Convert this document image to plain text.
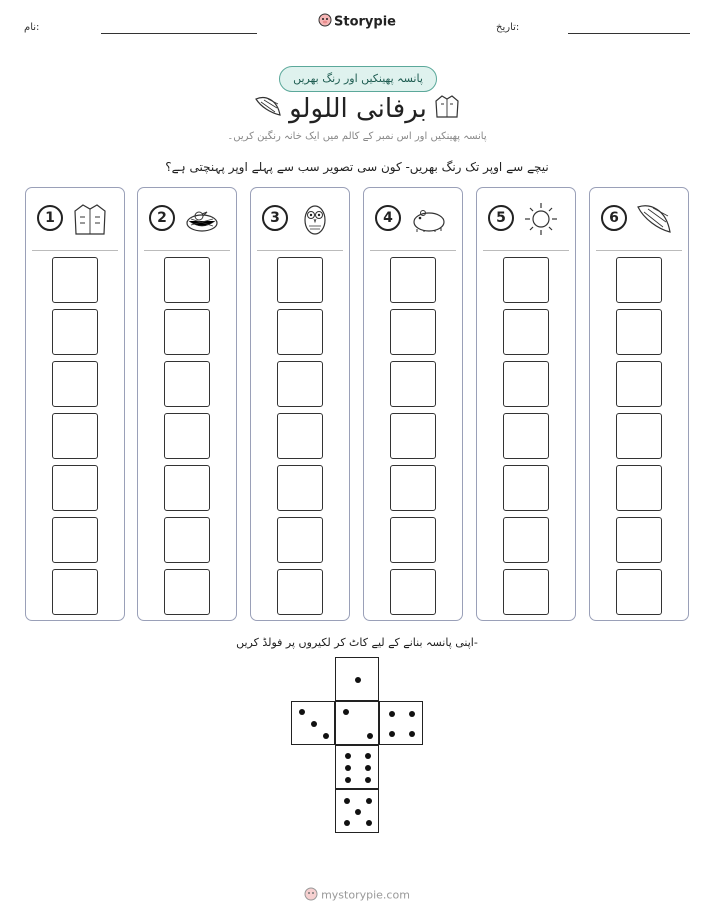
نام:	Storypie	تاریخ:
پانسہ پھینکیں اور رنگ بھریں
برفانی اللولو
پانسہ پھینکیں اور اس نمبر کے کالم میں ایک خانہ رنگین کریں۔
نیچے سے اوپر تک رنگ بھریں- کون سی تصویر سب سے پہلے اوپر پہنچتی ہے؟
1	2	3	4	5	6
اپنی پانسہ بنانے کے لیے کاٹ کر لکیروں پر فولڈ کریں-
mystorypie.com
